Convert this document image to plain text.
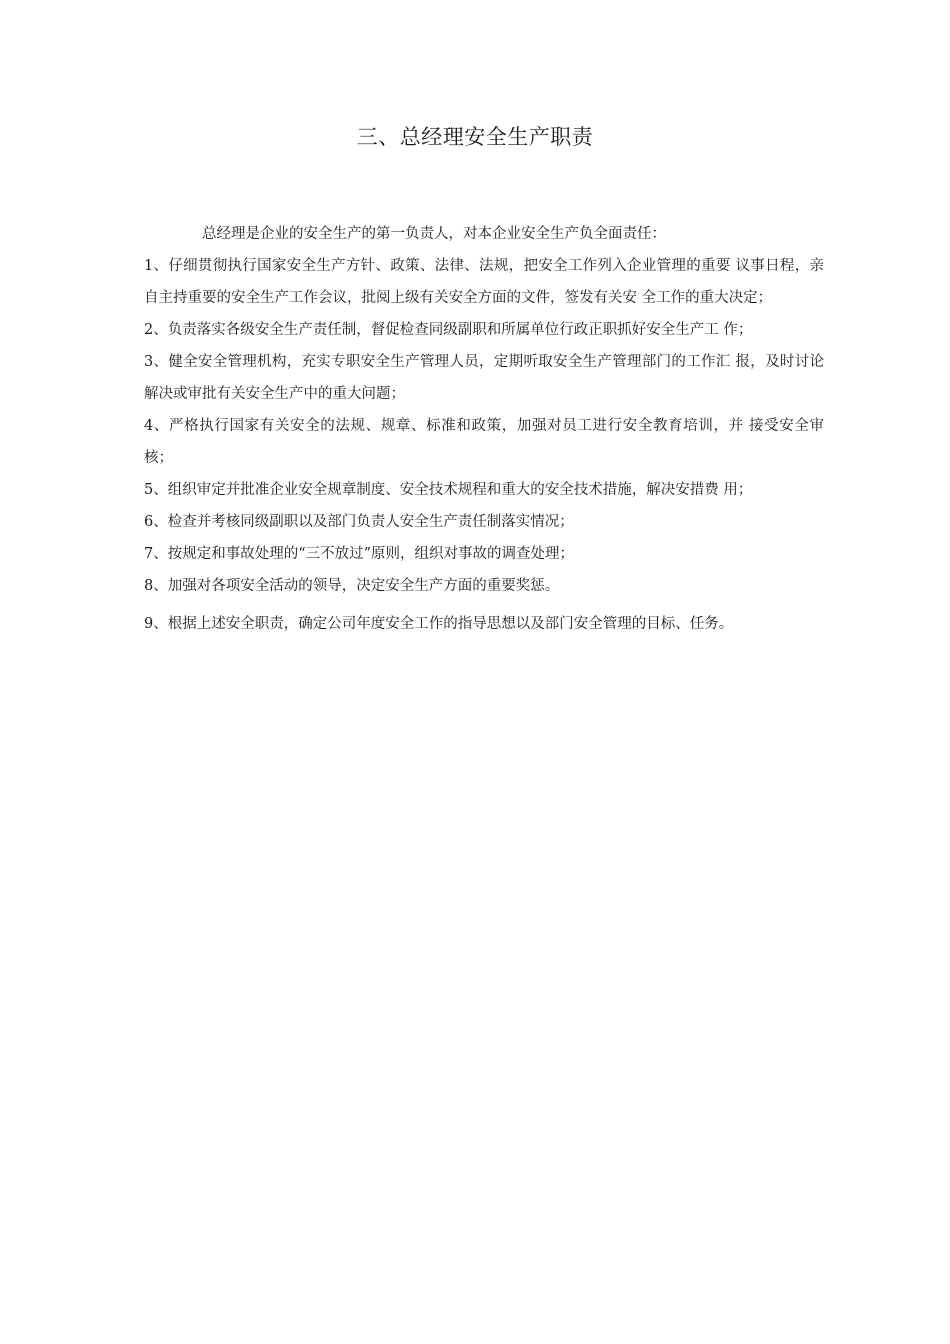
三、总经理安全生产职责

总经理是企业的安全生产的第一负责人，对本企业安全生产负全面责任：

1、仔细贯彻执行国家安全生产方针、政策、法律、法规，把安全工作列入企业管理的重要 议事日程，亲自主持重要的安全生产工作会议，批阅上级有关安全方面的文件，签发有关安 全工作的重大决定；

2、负责落实各级安全生产责任制，督促检查同级副职和所属单位行政正职抓好安全生产工 作；

3、健全安全管理机构，充实专职安全生产管理人员，定期听取安全生产管理部门的工作汇 报，及时讨论解决或审批有关安全生产中的重大问题；

4、严格执行国家有关安全的法规、规章、标准和政策，加强对员工进行安全教育培训，并 接受安全审核；

5、组织审定并批准企业安全规章制度、安全技术规程和重大的安全技术措施，解决安措费 用；

6、检查并考核同级副职以及部门负责人安全生产责任制落实情况；

7、按规定和事故处理的“三不放过”原则，组织对事故的调查处理；

8、加强对各项安全活动的领导，决定安全生产方面的重要奖惩。

9、根据上述安全职责，确定公司年度安全工作的指导思想以及部门安全管理的目标、任务。
